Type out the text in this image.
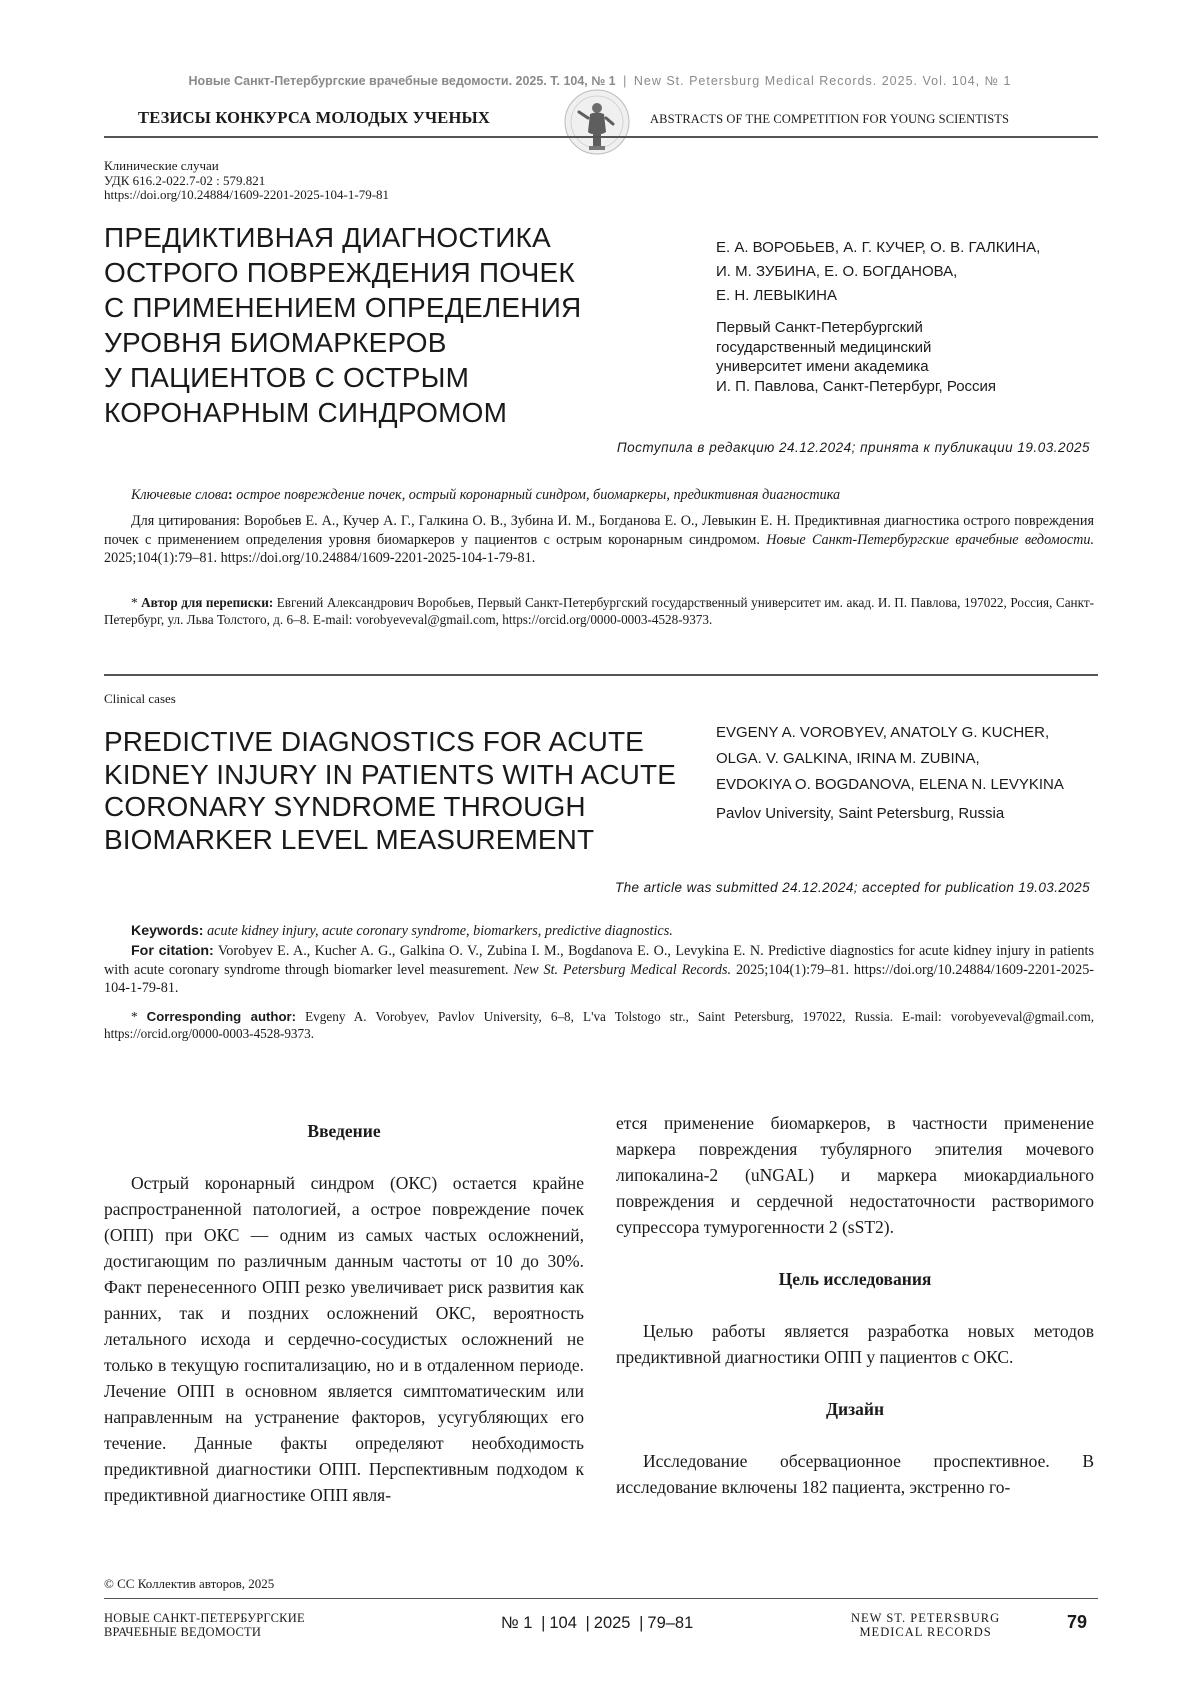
Новые Санкт-Петербургские врачебные ведомости. 2025. Т. 104, № 1 | New St. Petersburg Medical Records. 2025. Vol. 104, № 1
ТЕЗИСЫ КОНКУРСА МОЛОДЫХ УЧЕНЫХ	ABSTRACTS OF THE COMPETITION FOR YOUNG SCIENTISTS
Клинические случаи
УДК 616.2-022.7-02 : 579.821
https://doi.org/10.24884/1609-2201-2025-104-1-79-81
ПРЕДИКТИВНАЯ ДИАГНОСТИКА
ОСТРОГО ПОВРЕЖДЕНИЯ ПОЧЕК
С ПРИМЕНЕНИЕМ ОПРЕДЕЛЕНИЯ
УРОВНЯ БИОМАРКЕРОВ
У ПАЦИЕНТОВ С ОСТРЫМ
КОРОНАРНЫМ СИНДРОМОМ
Е. А. ВОРОБЬЕВ, А. Г. КУЧЕР, О. В. ГАЛКИНА,
И. М. ЗУБИНА, Е. О. БОГДАНОВА,
Е. Н. ЛЕВЫКИНА
Первый Санкт-Петербургский
государственный медицинский
университет имени академика
И. П. Павлова, Санкт-Петербург, Россия
Поступила в редакцию 24.12.2024; принята к публикации 19.03.2025
Ключевые слова: острое повреждение почек, острый коронарный синдром, биомаркеры, предиктивная диагностика
Для цитирования: Воробьев Е. А., Кучер А. Г., Галкина О. В., Зубина И. М., Богданова Е. О., Левыкин Е. Н. Предиктивная диагностика острого повреждения почек с применением определения уровня биомаркеров у пациентов с острым коронарным синдромом. Новые Санкт-Петербургские врачебные ведомости. 2025;104(1):79–81. https://doi.org/10.24884/1609-2201-2025-104-1-79-81.
* Автор для переписки: Евгений Александрович Воробьев, Первый Санкт-Петербургский государственный университет им. акад. И. П. Павлова, 197022, Россия, Санкт-Петербург, ул. Льва Толстого, д. 6–8. E-mail: vorobyeveval@gmail.com, https://orcid.org/0000-0003-4528-9373.
Clinical cases
PREDICTIVE DIAGNOSTICS FOR ACUTE
KIDNEY INJURY IN PATIENTS WITH ACUTE
CORONARY SYNDROME THROUGH
BIOMARKER LEVEL MEASUREMENT
EVGENY A. VOROBYEV, ANATOLY G. KUCHER,
OLGA. V. GALKINA, IRINA M. ZUBINA,
EVDOKIYA O. BOGDANOVA, ELENA N. LEVYKINA
Pavlov University, Saint Petersburg, Russia
The article was submitted 24.12.2024; accepted for publication 19.03.2025
Keywords: acute kidney injury, acute coronary syndrome, biomarkers, predictive diagnostics.
For citation: Vorobyev E. A., Kucher A. G., Galkina O. V., Zubina I. M., Bogdanova E. O., Levykina E. N. Predictive diagnostics for acute kidney injury in patients with acute coronary syndrome through biomarker level measurement. New St. Petersburg Medical Records. 2025;104(1):79–81. https://doi.org/10.24884/1609-2201-2025-104-1-79-81.
* Corresponding author: Evgeny A. Vorobyev, Pavlov University, 6–8, L'va Tolstogo str., Saint Petersburg, 197022, Russia. E-mail: vorobyeveval@gmail.com, https://orcid.org/0000-0003-4528-9373.
Введение

Острый коронарный синдром (ОКС) остается крайне распространенной патологией, а острое повреждение почек (ОПП) при ОКС — одним из самых частых осложнений, достигающим по различным данным частоты от 10 до 30%. Факт перенесенного ОПП резко увеличивает риск развития как ранних, так и поздних осложнений ОКС, вероятность летального исхода и сердечно-сосудистых осложнений не только в текущую госпитализацию, но и в отдаленном периоде. Лечение ОПП в основном является симптоматическим или направленным на устранение факторов, усугубляющих его течение. Данные факты определяют необходимость предиктивной диагностики ОПП. Перспективным подходом к предиктивной диагностике ОПП явля-

ется применение биомаркеров, в частности применение маркера повреждения тубулярного эпителия мочевого липокалина-2 (uNGAL) и маркера миокардиального повреждения и сердечной недостаточности растворимого супрессора тумурогенности 2 (sST2).

Цель исследования

Целью работы является разработка новых методов предиктивной диагностики ОПП у пациентов с ОКС.

Дизайн

Исследование обсервационное проспективное. В исследование включены 182 пациента, экстренно го-

© СС Коллектив авторов, 2025
НОВЫЕ САНКТ-ПЕТЕРБУРГСКИЕ
ВРАЧЕБНЫЕ ВЕДОМОСТИ	№ 1 | 104 | 2025 | 79–81	NEW ST. PETERSBURG
MEDICAL RECORDS	79
